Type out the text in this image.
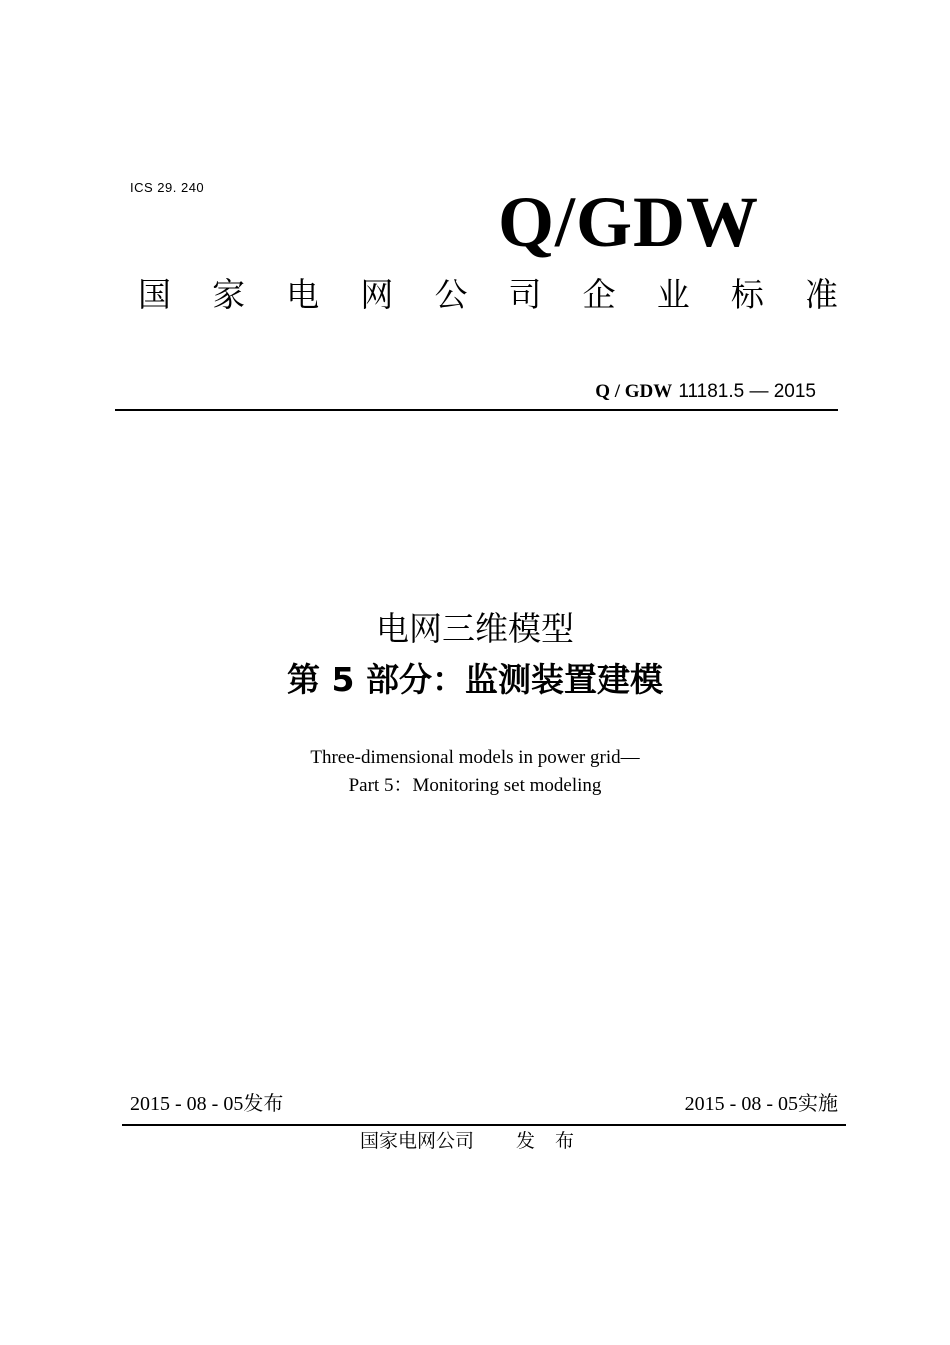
ICS 29. 240	Q/GDW
国 家 电 网 公 司 企 业 标 准
Q / GDW 11181.5 — 2015
电网三维模型
第 5 部分：监测装置建模
Three-dimensional models in power grid—
Part 5：Monitoring set modeling
2015 - 08 - 05发布	2015 - 08 - 05实施
国家电网公司 发布
